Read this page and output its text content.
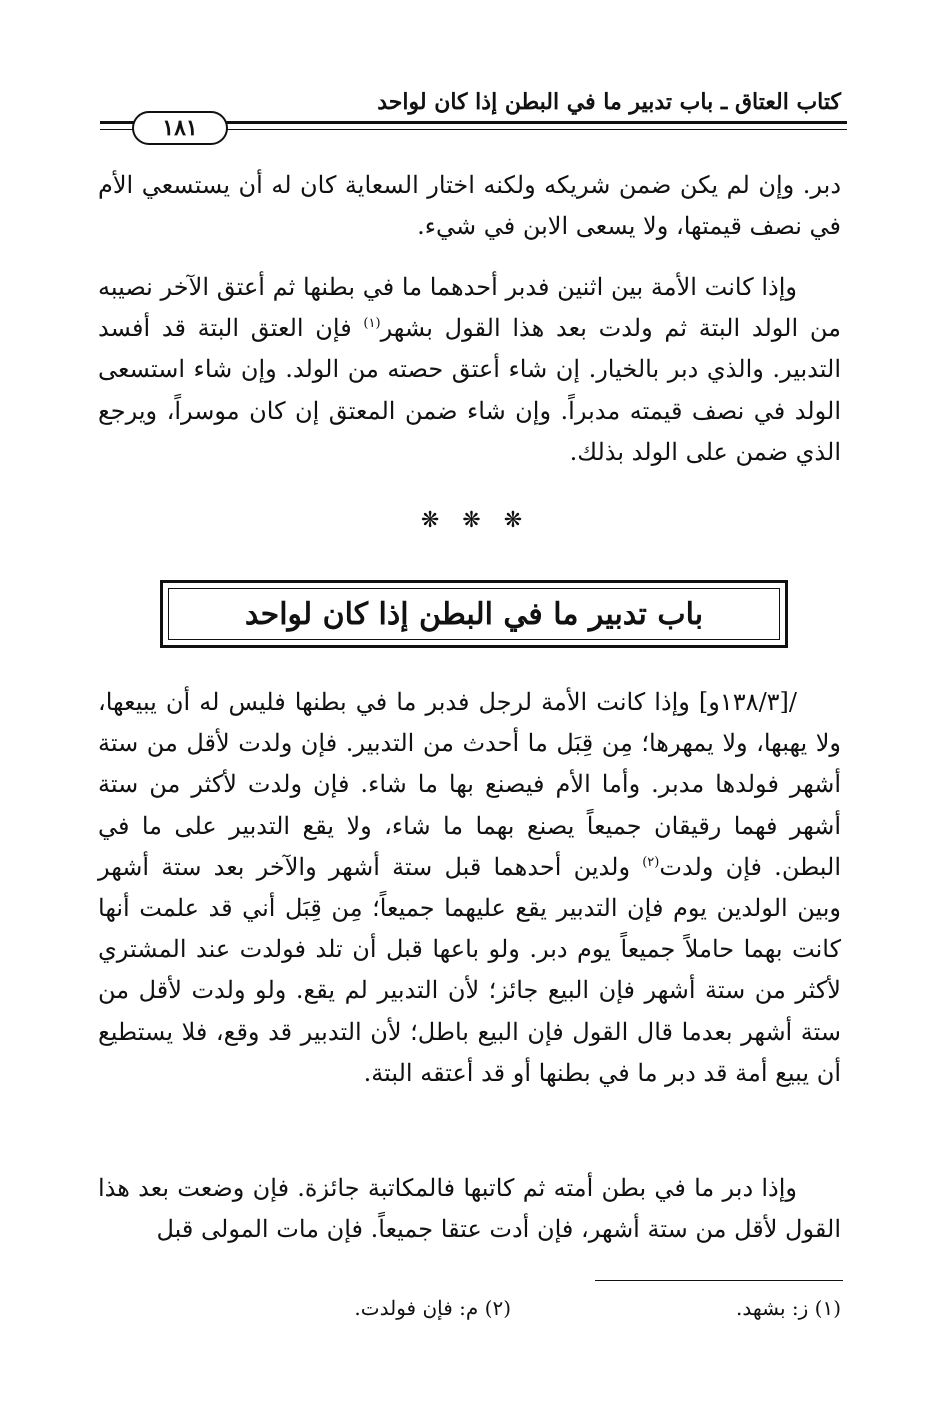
كتاب العتاق ـ باب تدبير ما في البطن إذا كان لواحد
١٨١

دبر. وإن لم يكن ضمن شريكه ولكنه اختار السعاية كان له أن يستسعي الأم في نصف قيمتها، ولا يسعى الابن في شيء.

وإذا كانت الأمة بين اثنين فدبر أحدهما ما في بطنها ثم أعتق الآخر نصيبه من الولد البتة ثم ولدت بعد هذا القول بشهر$^{(١)}$ فإن العتق البتة قد أفسد التدبير. والذي دبر بالخيار. إن شاء أعتق حصته من الولد. وإن شاء استسعى الولد في نصف قيمته مدبراً. وإن شاء ضمن المعتق إن كان موسراً، ويرجع الذي ضمن على الولد بذلك.

❋ ❋ ❋
باب تدبير ما في البطن إذا كان لواحد

/[١٣٨/٣و] وإذا كانت الأمة لرجل فدبر ما في بطنها فليس له أن يبيعها، ولا يهبها، ولا يمهرها؛ مِن قِبَل ما أحدث من التدبير. فإن ولدت لأقل من ستة أشهر فولدها مدبر. وأما الأم فيصنع بها ما شاء. فإن ولدت لأكثر من ستة أشهر فهما رقيقان جميعاً يصنع بهما ما شاء، ولا يقع التدبير على ما في البطن. فإن ولدت$^{(٢)}$ ولدين أحدهما قبل ستة أشهر والآخر بعد ستة أشهر وبين الولدين يوم فإن التدبير يقع عليهما جميعاً؛ مِن قِبَل أني قد علمت أنها كانت بهما حاملاً جميعاً يوم دبر. ولو باعها قبل أن تلد فولدت عند المشتري لأكثر من ستة أشهر فإن البيع جائز؛ لأن التدبير لم يقع. ولو ولدت لأقل من ستة أشهر بعدما قال القول فإن البيع باطل؛ لأن التدبير قد وقع، فلا يستطيع أن يبيع أمة قد دبر ما في بطنها أو قد أعتقه البتة.

وإذا دبر ما في بطن أمته ثم كاتبها فالمكاتبة جائزة. فإن وضعت بعد هذا القول لأقل من ستة أشهر، فإن أدت عتقا جميعاً. فإن مات المولى قبل

(١) ز: بشهد.
(٢) م: فإن فولدت.
